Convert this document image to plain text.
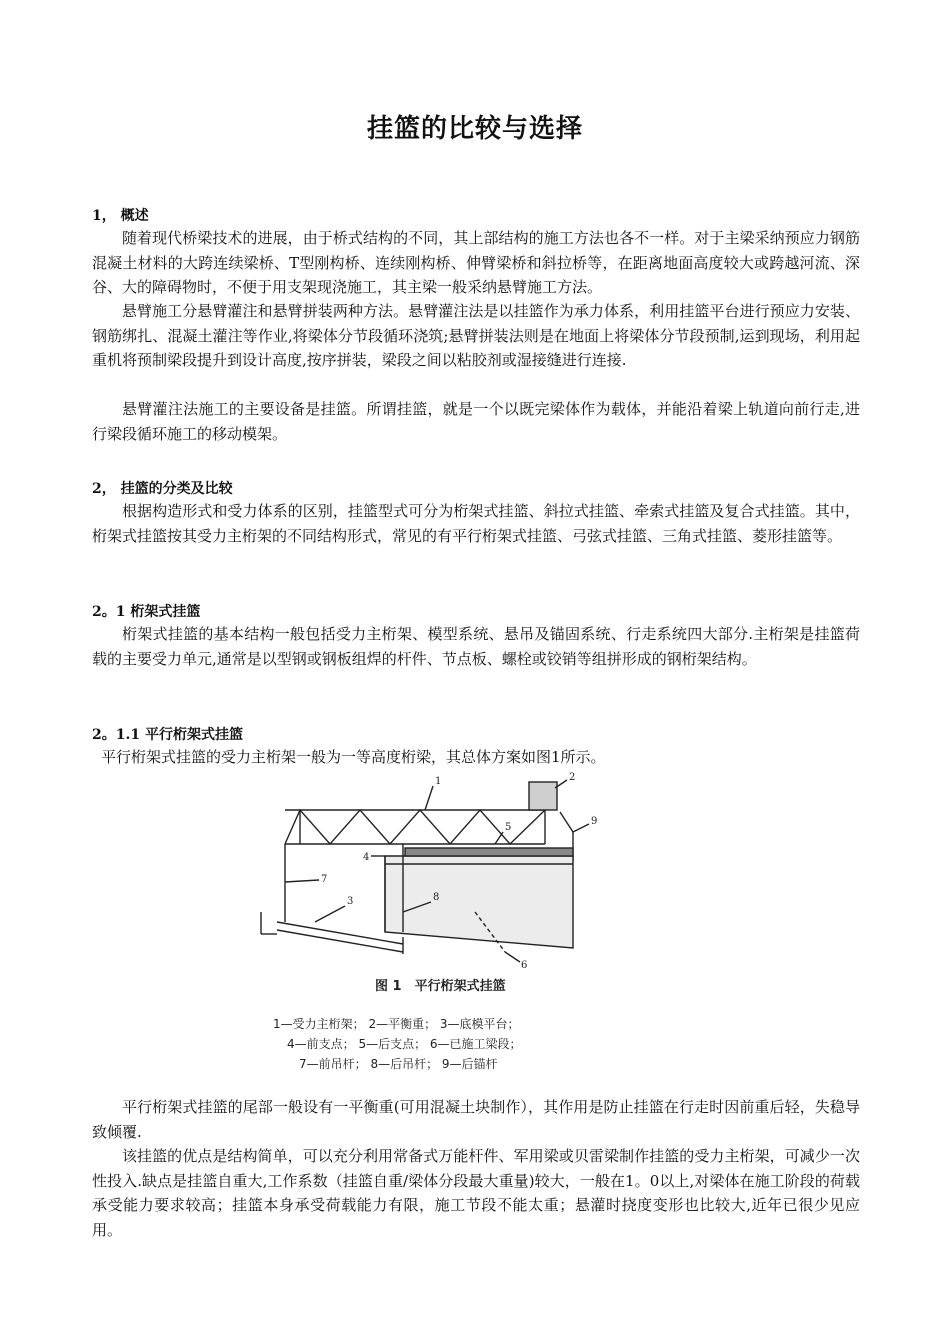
挂篮的比较与选择
1， 概述
随着现代桥梁技术的进展，由于桥式结构的不同，其上部结构的施工方法也各不一样。对于主梁采纳预应力钢筋混凝土材料的大跨连续梁桥、T型刚构桥、连续刚构桥、伸臂梁桥和斜拉桥等，在距离地面高度较大或跨越河流、深谷、大的障碍物时，不便于用支架现浇施工，其主梁一般采纳悬臂施工方法。
悬臂施工分悬臂灌注和悬臂拼装两种方法。悬臂灌注法是以挂篮作为承力体系，利用挂篮平台进行预应力安装、钢筋绑扎、混凝土灌注等作业,将梁体分节段循环浇筑;悬臂拼装法则是在地面上将梁体分节段预制,运到现场，利用起重机将预制梁段提升到设计高度,按序拼装，梁段之间以粘胶剂或湿接缝进行连接.
悬臂灌注法施工的主要设备是挂篮。所谓挂篮，就是一个以既完梁体作为载体，并能沿着梁上轨道向前行走,进行梁段循环施工的移动模架。
2， 挂篮的分类及比较
根据构造形式和受力体系的区别，挂篮型式可分为桁架式挂篮、斜拉式挂篮、牵索式挂篮及复合式挂篮。其中，桁架式挂篮按其受力主桁架的不同结构形式，常见的有平行桁架式挂篮、弓弦式挂篮、三角式挂篮、菱形挂篮等。
2。1 桁架式挂篮
桁架式挂篮的基本结构一般包括受力主桁架、模型系统、悬吊及锚固系统、行走系统四大部分.主桁架是挂篮荷载的主要受力单元,通常是以型钢或钢板组焊的杆件、节点板、螺栓或铰销等组拼形成的钢桁架结构。
2。1.1 平行桁架式挂篮
平行桁架式挂篮的受力主桁架一般为一等高度桁梁，其总体方案如图1所示。
1	2
3
4
5
6
7
8
9
图 1　平行桁架式挂篮
1—受力主桁架； 2—平衡重； 3—底模平台；
4—前支点； 5—后支点； 6—已施工梁段；
7—前吊杆； 8—后吊杆； 9—后锚杆
平行桁架式挂篮的尾部一般设有一平衡重(可用混凝土块制作），其作用是防止挂篮在行走时因前重后轻，失稳导致倾覆.
该挂篮的优点是结构简单，可以充分利用常备式万能杆件、军用梁或贝雷梁制作挂篮的受力主桁架，可减少一次性投入.缺点是挂篮自重大,工作系数（挂篮自重/梁体分段最大重量)较大，一般在1。0以上,对梁体在施工阶段的荷载承受能力要求较高；挂篮本身承受荷载能力有限，施工节段不能太重；悬灌时挠度变形也比较大,近年已很少见应用。
